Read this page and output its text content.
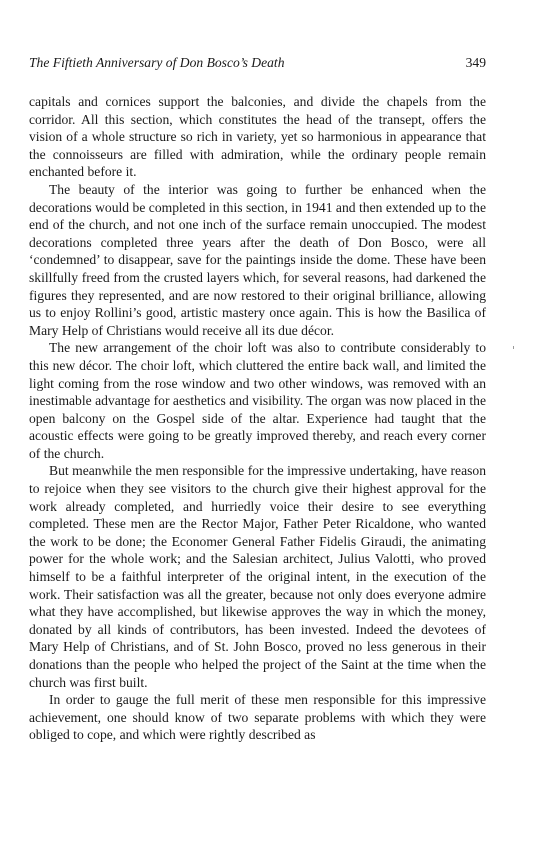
The Fiftieth Anniversary of Don Bosco’s Death	349

capitals and cornices support the balconies, and divide the chapels from the corridor. All this section, which constitutes the head of the transept, offers the vision of a whole structure so rich in variety, yet so harmonious in appearance that the connoisseurs are filled with admiration, while the ordinary people remain enchanted before it.

The beauty of the interior was going to further be enhanced when the decorations would be completed in this section, in 1941 and then extended up to the end of the church, and not one inch of the surface remain unoccupied. The modest decorations completed three years after the death of Don Bosco, were all ‘condemned’ to disappear, save for the paintings inside the dome. These have been skillfully freed from the crusted layers which, for several reasons, had darkened the figures they represented, and are now restored to their original brilliance, allowing us to enjoy Rollini’s good, artistic mastery once again. This is how the Basilica of Mary Help of Christians would receive all its due décor.

The new arrangement of the choir loft was also to contribute considerably to this new décor. The choir loft, which cluttered the entire back wall, and limited the light coming from the rose window and two other windows, was removed with an inestimable advantage for aesthetics and visibility. The organ was now placed in the open balcony on the Gospel side of the altar. Experience had taught that the acoustic effects were going to be greatly improved thereby, and reach every corner of the church.

But meanwhile the men responsible for the impressive undertaking, have reason to rejoice when they see visitors to the church give their highest approval for the work already completed, and hurriedly voice their desire to see everything completed. These men are the Rector Major, Father Peter Ricaldone, who wanted the work to be done; the Economer General Father Fidelis Giraudi, the animating power for the whole work; and the Salesian architect, Julius Valotti, who proved himself to be a faithful interpreter of the original intent, in the execution of the work. Their satisfaction was all the greater, because not only does everyone admire what they have accomplished, but likewise approves the way in which the money, donated by all kinds of contributors, has been invested. Indeed the devotees of Mary Help of Christians, and of St. John Bosco, proved no less generous in their donations than the people who helped the project of the Saint at the time when the church was first built.

In order to gauge the full merit of these men responsible for this impressive achievement, one should know of two separate problems with which they were obliged to cope, and which were rightly described as
